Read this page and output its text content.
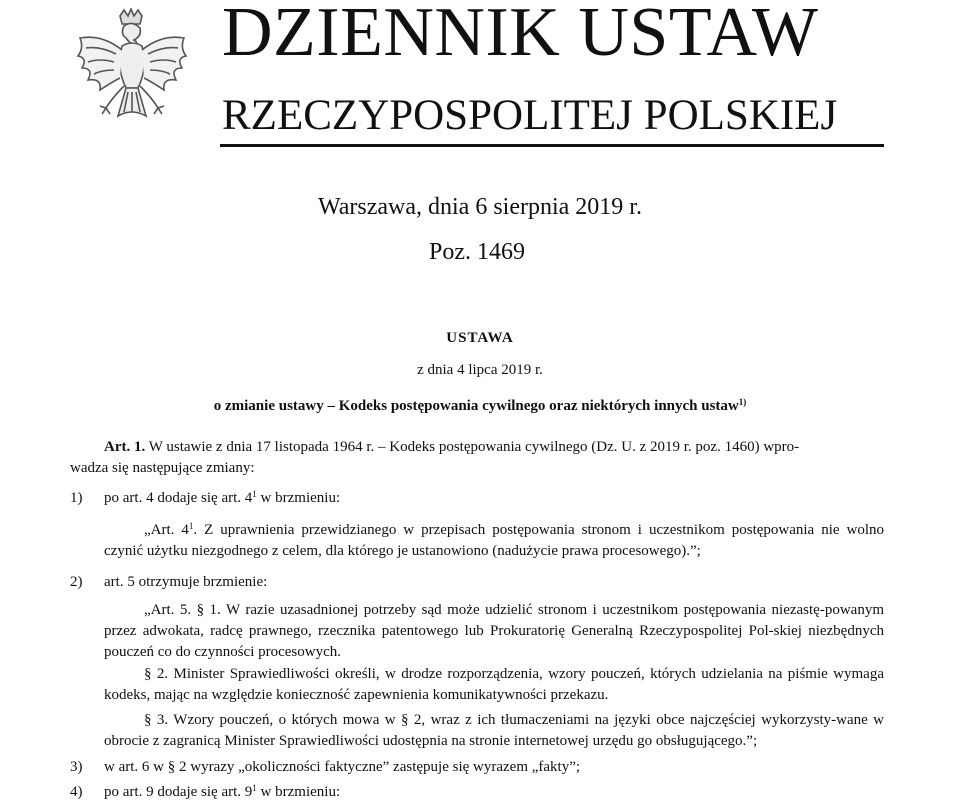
DZIENNIK USTAW
RZECZYPOSPOLITEJ POLSKIEJ
Warszawa, dnia 6 sierpnia 2019 r.
Poz. 1469
USTAWA
z dnia 4 lipca 2019 r.
o zmianie ustawy – Kodeks postępowania cywilnego oraz niektórych innych ustaw$^{1)}$
Art. 1. W ustawie z dnia 17 listopada 1964 r. – Kodeks postępowania cywilnego (Dz. U. z 2019 r. poz. 1460) wpro-
wadza się następujące zmiany:
1) po art. 4 dodaje się art. $4^1$ w brzmieniu:
„Art. $4^1$. Z uprawnienia przewidzianego w przepisach postępowania stronom i uczestnikom postępowania nie wolno czynić użytku niezgodnego z celem, dla którego je ustanowiono (nadużycie prawa procesowego).”;
2) art. 5 otrzymuje brzmienie:
„Art. 5. § 1. W razie uzasadnionej potrzeby sąd może udzielić stronom i uczestnikom postępowania niezastę-powanym przez adwokata, radcę prawnego, rzecznika patentowego lub Prokuratorię Generalną Rzeczypospolitej Pol-skiej niezbędnych pouczeń co do czynności procesowych.
§ 2. Minister Sprawiedliwości określi, w drodze rozporządzenia, wzory pouczeń, których udzielania na piśmie wymaga kodeks, mając na względzie konieczność zapewnienia komunikatywności przekazu.
§ 3. Wzory pouczeń, o których mowa w § 2, wraz z ich tłumaczeniami na języki obce najczęściej wykorzysty-wane w obrocie z zagranicą Minister Sprawiedliwości udostępnia na stronie internetowej urzędu go obsługującego.”;
3) w art. 6 w § 2 wyrazy „okoliczności faktyczne” zastępuje się wyrazem „fakty”;
4) po art. 9 dodaje się art. $9^1$ w brzmieniu:
